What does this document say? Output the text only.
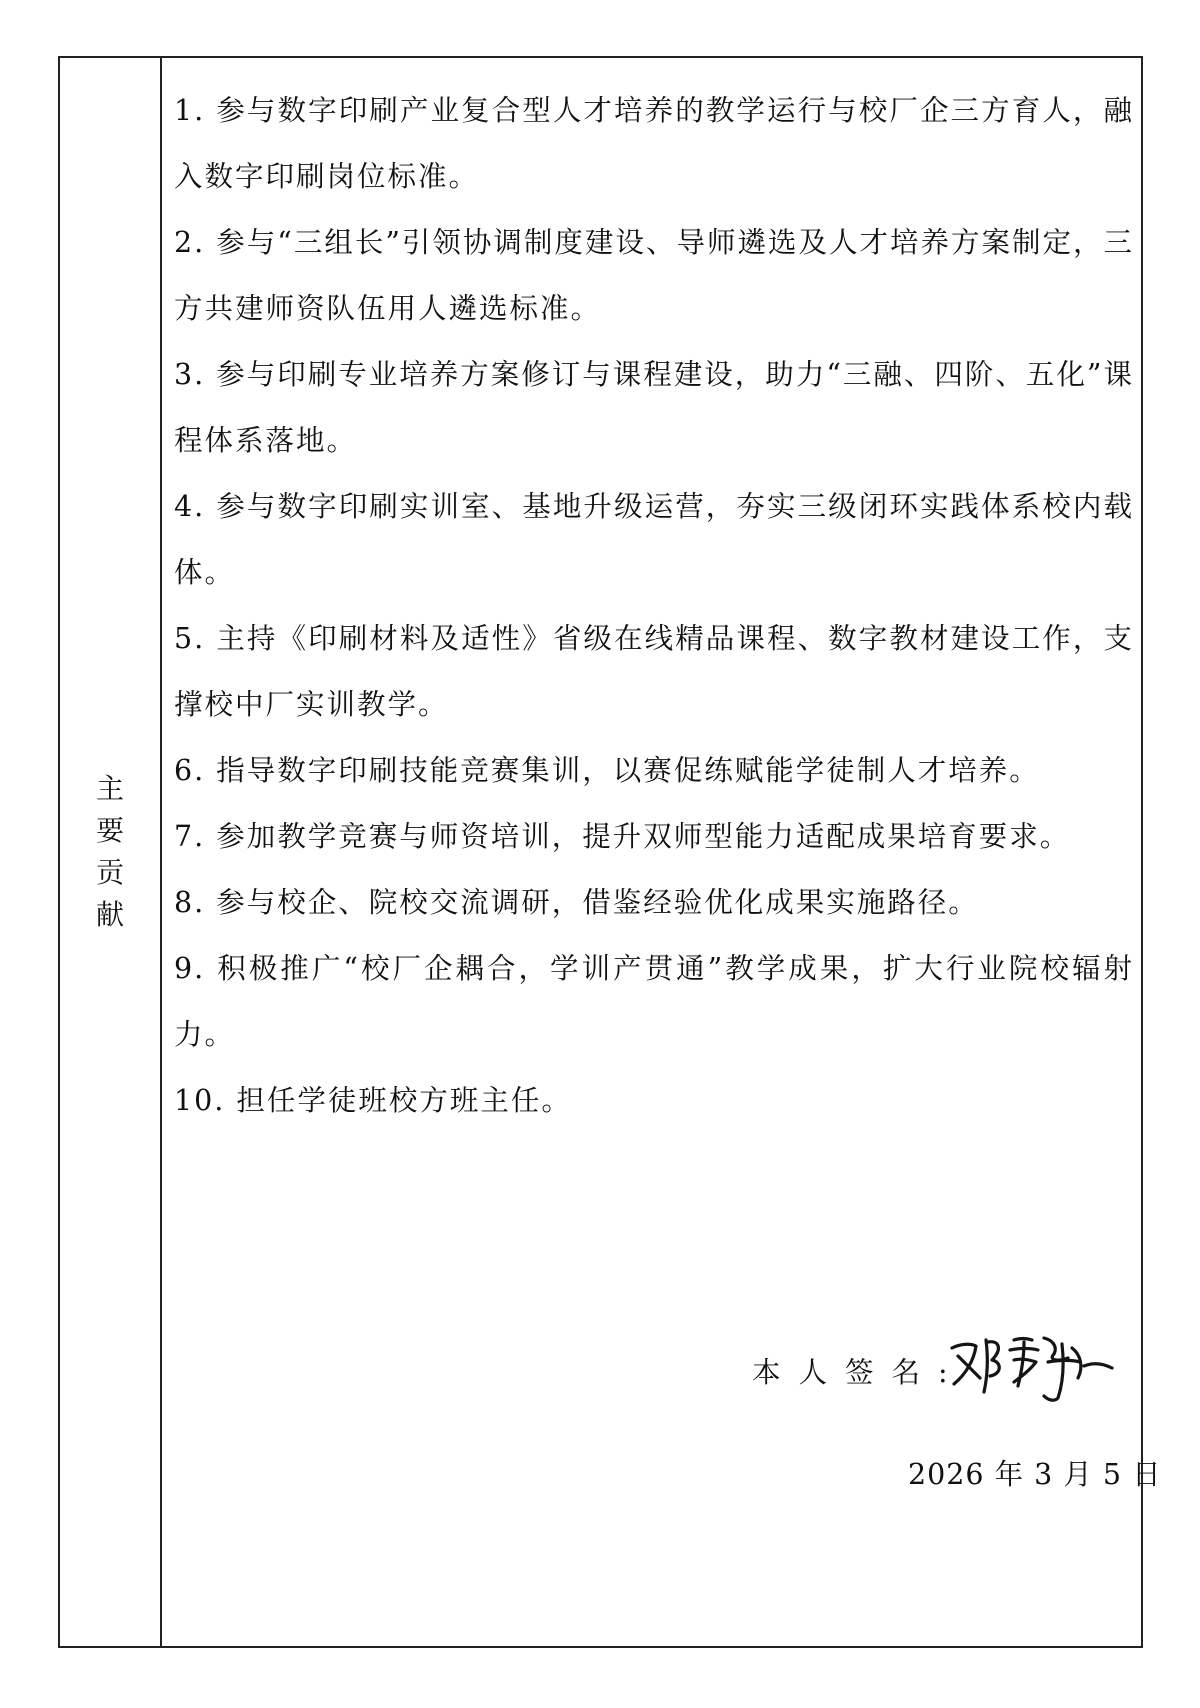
主
要
贡
献

1. 参与数字印刷产业复合型人才培养的教学运行与校厂企三方育人，融入数字印刷岗位标准。

2. 参与“三组长”引领协调制度建设、导师遴选及人才培养方案制定，三方共建师资队伍用人遴选标准。

3. 参与印刷专业培养方案修订与课程建设，助力“三融、四阶、五化”课程体系落地。

4. 参与数字印刷实训室、基地升级运营，夯实三级闭环实践体系校内载体。

5. 主持《印刷材料及适性》省级在线精品课程、数字教材建设工作，支撑校中厂实训教学。

6. 指导数字印刷技能竞赛集训，以赛促练赋能学徒制人才培养。

7. 参加教学竞赛与师资培训，提升双师型能力适配成果培育要求。

8. 参与校企、院校交流调研，借鉴经验优化成果实施路径。

9. 积极推广“校厂企耦合，学训产贯通”教学成果，扩大行业院校辐射力。

10. 担任学徒班校方班主任。

本人签名:
2026 年 3 月 5 日
